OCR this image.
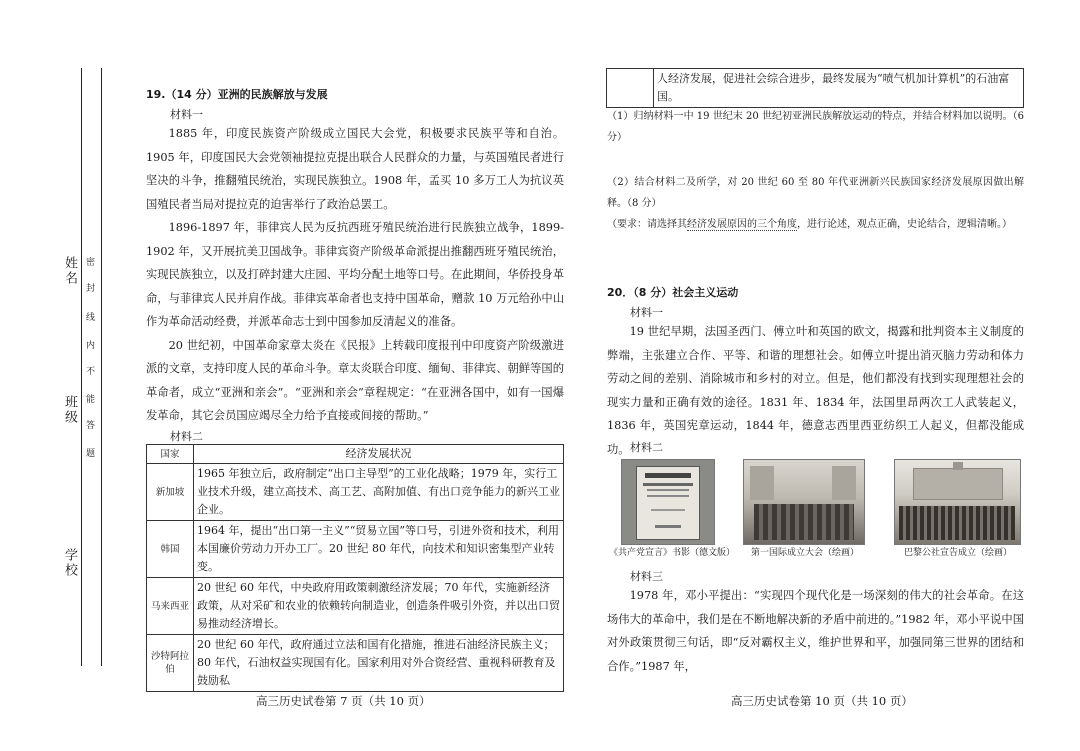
姓名
班级
学校
密
封
线
内
不
能
答
题
19.（14 分）亚洲的民族解放与发展
材料一

1885 年，印度民族资产阶级成立国民大会党，积极要求民族平等和自治。1905 年，印度国民大会党领袖提拉克提出联合人民群众的力量，与英国殖民者进行坚决的斗争，推翻殖民统治，实现民族独立。1908 年，孟买 10 多万工人为抗议英国殖民者当局对提拉克的迫害举行了政治总罢工。

1896-1897 年，菲律宾人民为反抗西班牙殖民统治进行民族独立战争，1899-1902 年，又开展抗美卫国战争。菲律宾资产阶级革命派提出推翻西班牙殖民统治，实现民族独立，以及打碎封建大庄园、平均分配土地等口号。在此期间，华侨投身革命，与菲律宾人民并肩作战。菲律宾革命者也支持中国革命，赠款 10 万元给孙中山作为革命活动经费，并派革命志士到中国参加反清起义的准备。

20 世纪初，中国革命家章太炎在《民报》上转载印度报刊中印度资产阶级激进派的文章，支持印度人民的革命斗争。章太炎联合印度、缅甸、菲律宾、朝鲜等国的革命者，成立“亚洲和亲会”。“亚洲和亲会”章程规定：“在亚洲各国中，如有一国爆发革命，其它会员国应竭尽全力给予直接或间接的帮助。”

材料二
国家	经济发展状况
新加坡	1965 年独立后，政府制定“出口主导型”的工业化战略；1979 年，实行工业技术升级，建立高技术、高工艺、高附加值、有出口竞争能力的新兴工业企业。
韩国	1964 年，提出“出口第一主义”“贸易立国”等口号，引进外资和技术，利用本国廉价劳动力开办工厂。20 世纪 80 年代，向技术和知识密集型产业转变。
马来西亚	20 世纪 60 年代，中央政府用政策刺激经济发展；70 年代，实施新经济政策，从对采矿和农业的依赖转向制造业，创造条件吸引外资，并以出口贸易推动经济增长。
沙特阿拉伯	20 世纪 60 年代，政府通过立法和国有化措施，推进石油经济民族主义；80 年代，石油权益实现国有化。国家利用对外合资经营、重视科研教育及鼓励私
高三历史试卷第 7 页（共 10 页）
	人经济发展，促进社会综合进步，最终发展为“喷气机加计算机”的石油富国。
（1）归纳材料一中 19 世纪末 20 世纪初亚洲民族解放运动的特点，并结合材料加以说明。（6 分）
（2）结合材料二及所学，对 20 世纪 60 至 80 年代亚洲新兴民族国家经济发展原因做出解释。（8 分）
（要求：请选择其经济发展原因的三个角度，进行论述，观点正确，史论结合，逻辑清晰。）
20．（8 分）社会主义运动
材料一

19 世纪早期，法国圣西门、傅立叶和英国的欧文，揭露和批判资本主义制度的弊端，主张建立合作、平等、和谐的理想社会。如傅立叶提出消灭脑力劳动和体力劳动之间的差别、消除城市和乡村的对立。但是，他们都没有找到实现理想社会的现实力量和正确有效的途径。1831 年、1834 年，法国里昂两次工人武装起义，1836 年，英国宪章运动，1844 年，德意志西里西亚纺织工人起义，但都没能成功。 材料二
《共产党宣言》书影（德文版） 第一国际成立大会（绘画）	巴黎公社宣告成立（绘画）
材料三

1978 年，邓小平提出：“实现四个现代化是一场深刻的伟大的社会革命。在这场伟大的革命中，我们是在不断地解决新的矛盾中前进的。”1982 年，邓小平说中国对外政策贯彻三句话，即“反对霸权主义，维护世界和平，加强同第三世界的团结和合作。”1987 年，

高三历史试卷第 10 页（共 10 页）
